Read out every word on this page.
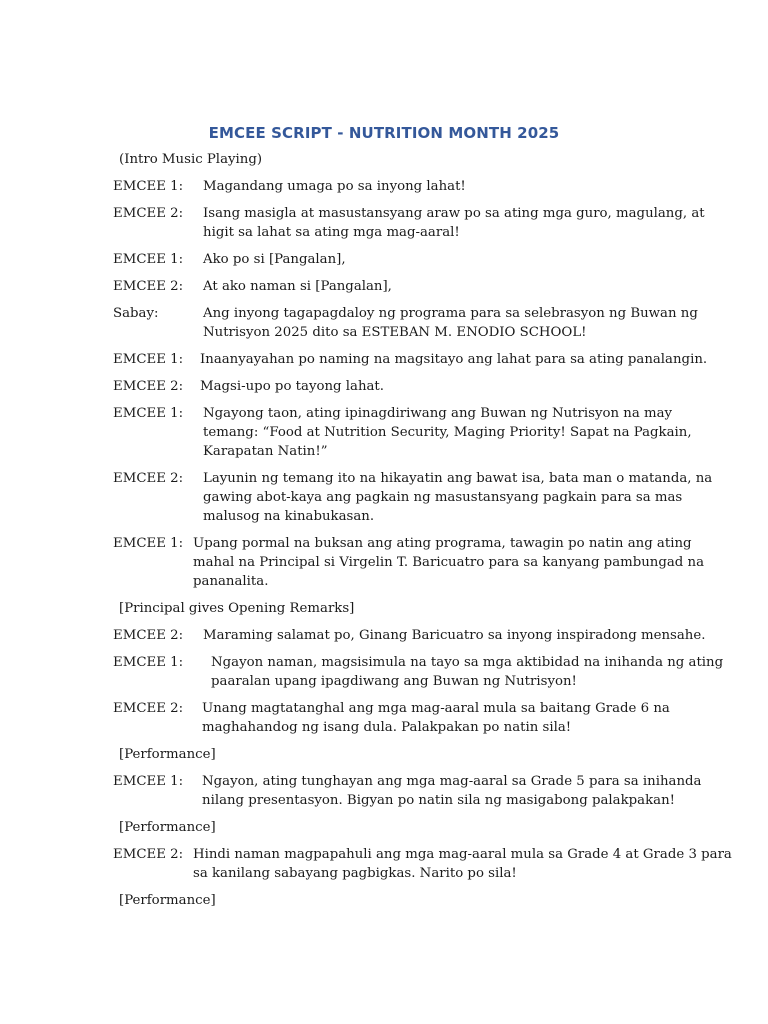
EMCEE SCRIPT - NUTRITION MONTH 2025
(Intro Music Playing)
EMCEE 1: Magandang umaga po sa inyong lahat!
EMCEE 2: Isang masigla at masustansyang araw po sa ating mga guro, magulang, at
higit sa lahat sa ating mga mag-aaral!
EMCEE 1: Ako po si [Pangalan],
EMCEE 2: At ako naman si [Pangalan],
Sabay:	Ang inyong tagapagdaloy ng programa para sa selebrasyon ng Buwan ng
Nutrisyon 2025 dito sa ESTEBAN M. ENODIO SCHOOL!
EMCEE 1: Inaanyayahan po naming na magsitayo ang lahat para sa ating panalangin.
EMCEE 2: Magsi-upo po tayong lahat.
EMCEE 1: Ngayong taon, ating ipinagdiriwang ang Buwan ng Nutrisyon na may
temang: “Food at Nutrition Security, Maging Priority! Sapat na Pagkain,
Karapatan Natin!”
EMCEE 2: Layunin ng temang ito na hikayatin ang bawat isa, bata man o matanda, na
gawing abot-kaya ang pagkain ng masustansyang pagkain para sa mas
malusog na kinabukasan.
EMCEE 1: Upang pormal na buksan ang ating programa, tawagin po natin ang ating
mahal na Principal si Virgelin T. Baricuatro para sa kanyang pambungad na
pananalita.
[Principal gives Opening Remarks]
EMCEE 2: Maraming salamat po, Ginang Baricuatro sa inyong inspiradong mensahe.
EMCEE 1: Ngayon naman, magsisimula na tayo sa mga aktibidad na inihanda ng ating
paaralan upang ipagdiwang ang Buwan ng Nutrisyon!
EMCEE 2: Unang magtatanghal ang mga mag-aaral mula sa baitang Grade 6 na
maghahandog ng isang dula. Palakpakan po natin sila!
[Performance]
EMCEE 1: Ngayon, ating tunghayan ang mga mag-aaral sa Grade 5 para sa inihanda
nilang presentasyon. Bigyan po natin sila ng masigabong palakpakan!
[Performance]
EMCEE 2: Hindi naman magpapahuli ang mga mag-aaral mula sa Grade 4 at Grade 3 para
sa kanilang sabayang pagbigkas. Narito po sila!
[Performance]
